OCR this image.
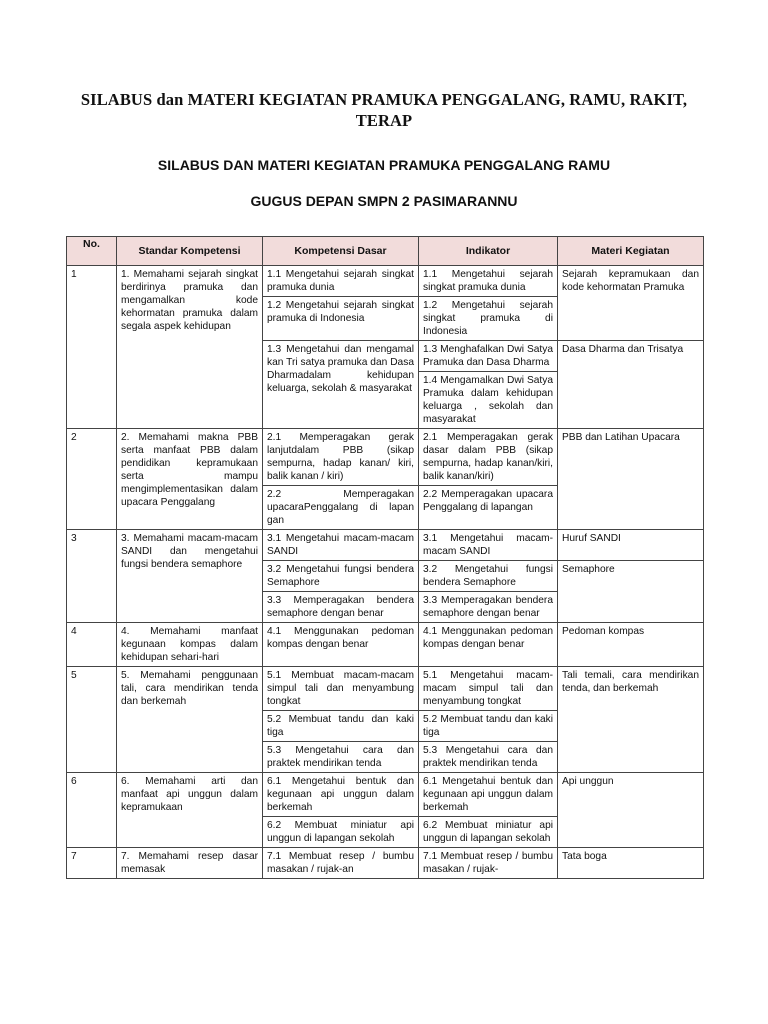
SILABUS dan MATERI KEGIATAN PRAMUKA PENGGALANG, RAMU, RAKIT, TERAP
SILABUS DAN MATERI KEGIATAN PRAMUKA PENGGALANG RAMU
GUGUS DEPAN SMPN 2 PASIMARANNU
No.	Standar Kompetensi	Kompetensi Dasar	Indikator	Materi Kegiatan
1	1. Memahami sejarah singkat berdirinya pramuka dan mengamalkan kode kehormatan pramuka dalam segala aspek kehidupan	1.1 Mengetahui sejarah singkat pramuka dunia	1.1 Mengetahui sejarah singkat pramuka dunia	Sejarah kepramukaan dan kode kehormatan Pramuka
		1.2 Mengetahui sejarah singkat pramuka di Indonesia	1.2 Mengetahui sejarah singkat pramuka di Indonesia	
		1.3 Mengetahui dan mengamal kan Tri satya pramuka dan Dasa Dharmadalam kehidupan keluarga, sekolah & masyarakat	1.3 Menghafalkan Dwi Satya Pramuka dan Dasa Dharma	Dasa Dharma dan Trisatya
			1.4 Mengamalkan Dwi Satya Pramuka dalam kehidupan keluarga , sekolah dan masyarakat	
2	2. Memahami makna PBB serta manfaat PBB dalam pendidikan kepramukaan serta mampu mengimplementasikan dalam upacara Penggalang	2.1 Memperagakan gerak lanjutdalam PBB (sikap sempurna, hadap kanan/ kiri, balik kanan / kiri)	2.1 Memperagakan gerak dasar dalam PBB (sikap sempurna, hadap kanan/kiri, balik kanan/kiri)	PBB dan Latihan Upacara
		2.2 Memperagakan upacaraPenggalang di lapan gan	2.2 Memperagakan upacara Penggalang di lapangan	
3	3. Memahami macam-macam SANDI dan mengetahui fungsi bendera semaphore	3.1 Mengetahui macam-macam SANDI	3.1 Mengetahui macam-macam SANDI	Huruf SANDI
		3.2 Mengetahui fungsi bendera Semaphore	3.2 Mengetahui fungsi bendera Semaphore	Semaphore
		3.3 Memperagakan bendera semaphore dengan benar	3.3 Memperagakan bendera semaphore dengan benar	
4	4. Memahami manfaat kegunaan kompas dalam kehidupan sehari-hari	4.1 Menggunakan pedoman kompas dengan benar	4.1 Menggunakan pedoman kompas dengan benar	Pedoman kompas
5	5. Memahami penggunaan tali, cara mendirikan tenda dan berkemah	5.1 Membuat macam-macam simpul tali dan menyambung tongkat	5.1 Mengetahui macam-macam simpul tali dan menyambung tongkat	Tali temali, cara mendirikan tenda, dan berkemah
		5.2 Membuat tandu dan kaki tiga	5.2 Membuat tandu dan kaki tiga	
		5.3 Mengetahui cara dan praktek mendirikan tenda	5.3 Mengetahui cara dan praktek mendirikan tenda	
6	6. Memahami arti dan manfaat api unggun dalam kepramukaan	6.1 Mengetahui bentuk dan kegunaan api unggun dalam berkemah	6.1 Mengetahui bentuk dan kegunaan api unggun dalam berkemah	Api unggun
		6.2 Membuat miniatur api unggun di lapangan sekolah	6.2 Membuat miniatur api unggun di lapangan sekolah	
7	7. Memahami resep dasar memasak	7.1 Membuat resep / bumbu masakan / rujak-an	7.1 Membuat resep / bumbu masakan / rujak-	Tata boga
